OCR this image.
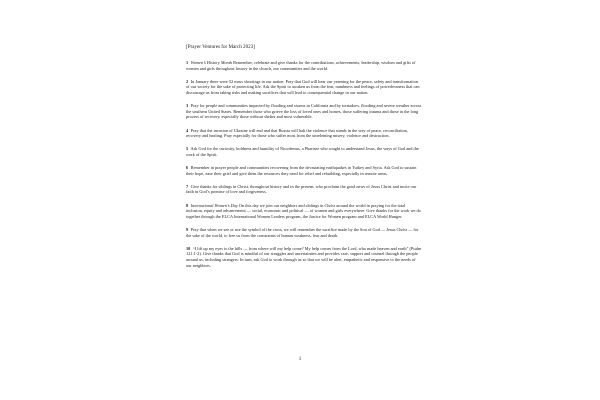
[Prayer Ventures for March 2023]

1 Women’s History Month Remember, celebrate and give thanks for the contributions, achievements, leadership, wisdom and gifts of women and girls throughout history in the church, our communities and the world.

2 In January there were 52 mass shootings in our nation. Pray that God will hear our yearning for the peace, safety and transformation of our society for the sake of protecting life. Ask the Spirit to awaken us from the fear, numbness and feelings of powerlessness that can discourage us from taking risks and making sacrifices that will lead to consequential change in our nation.

3 Pray for people and communities impacted by flooding and storms in California and by tornadoes, flooding and severe weather across the southern United States. Remember those who grieve the loss of loved ones and homes, those suffering trauma and those in the long process of recovery, especially those without shelter and most vulnerable.

4 Pray that the invasion of Ukraine will end and that Russia will halt the violence that stands in the way of peace, reconciliation, recovery and healing. Pray especially for those who suffer most from the unrelenting misery, violence and destruction.

5 Ask God for the curiosity, boldness and humility of Nicodemus, a Pharisee who sought to understand Jesus, the ways of God and the work of the Spirit.

6 Remember in prayer people and communities recovering from the devastating earthquakes in Turkey and Syria. Ask God to sustain their hope, ease their grief and give them the resources they need for relief and rebuilding, especially in remote areas.

7 Give thanks for siblings in Christ, throughout history and in the present, who proclaim the good news of Jesus Christ and incite our faith in God’s promise of love and forgiveness.

8 International Women’s Day On this day we join our neighbors and siblings in Christ around the world in praying for the total inclusion, equity and advancement — social, economic and political — of women and girls everywhere. Give thanks for the work we do together through the ELCA International Women Leaders program, the Justice for Women program and ELCA World Hunger.

9 Pray that when we see or use the symbol of the cross, we will remember the sacrifice made by the Son of God — Jesus Christ — for the sake of the world, to free us from the constraints of human weakness, fear and death.

10 “I lift up my eyes to the hills — from where will my help come? My help comes from the Lord, who made heaven and earth” (Psalm 121:1-2). Give thanks that God is mindful of our struggles and uncertainties and provides care, support and counsel through the people around us, including strangers. In turn, ask God to work through us so that we will be alert, empathetic and responsive to the needs of our neighbors.

1
